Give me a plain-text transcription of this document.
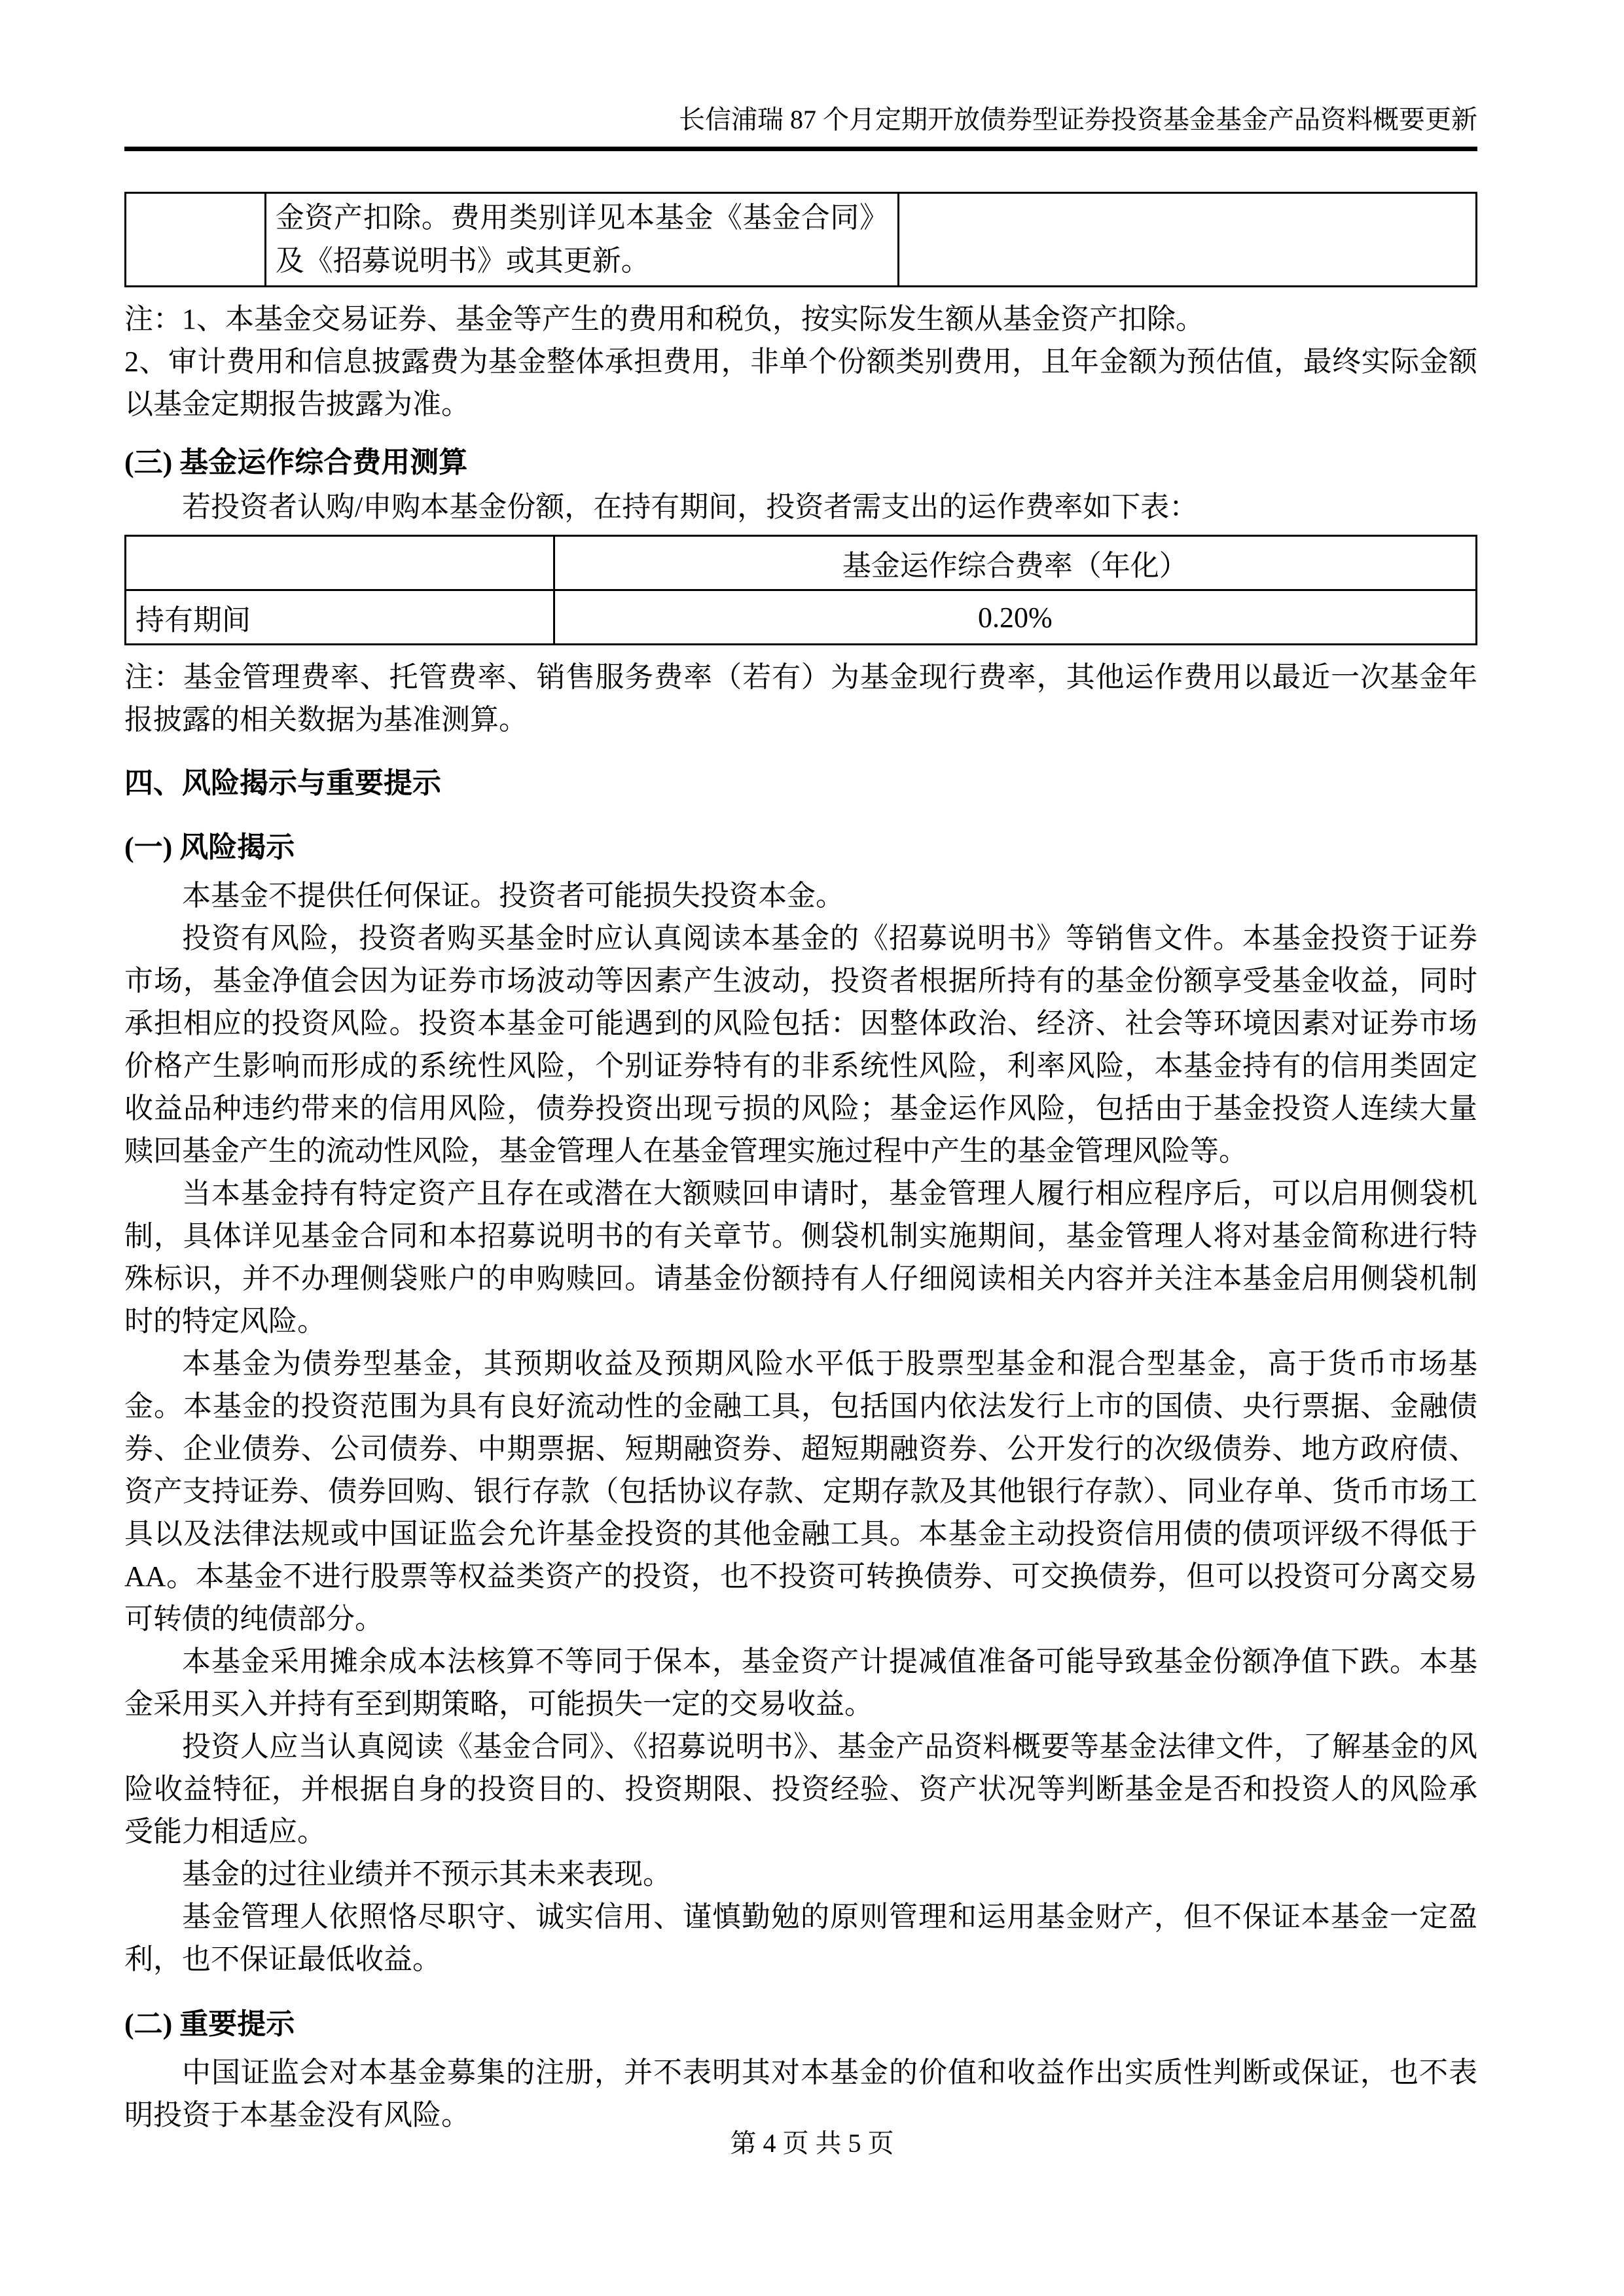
长信浦瑞 87 个月定期开放债券型证券投资基金基金产品资料概要更新
	金资产扣除。费用类别详见本基金《基金合同》及《招募说明书》或其更新。	

注：1、本基金交易证券、基金等产生的费用和税负，按实际发生额从基金资产扣除。

2、审计费用和信息披露费为基金整体承担费用，非单个份额类别费用，且年金额为预估值，最终实际金额以基金定期报告披露为准。

(三) 基金运作综合费用测算

若投资者认购/申购本基金份额，在持有期间，投资者需支出的运作费率如下表：

	基金运作综合费率（年化）
持有期间	0.20%

注：基金管理费率、托管费率、销售服务费率（若有）为基金现行费率，其他运作费用以最近一次基金年报披露的相关数据为基准测算。

四、风险揭示与重要提示

(一) 风险揭示

本基金不提供任何保证。投资者可能损失投资本金。

投资有风险，投资者购买基金时应认真阅读本基金的《招募说明书》等销售文件。本基金投资于证券市场，基金净值会因为证券市场波动等因素产生波动，投资者根据所持有的基金份额享受基金收益，同时承担相应的投资风险。投资本基金可能遇到的风险包括：因整体政治、经济、社会等环境因素对证券市场价格产生影响而形成的系统性风险，个别证券特有的非系统性风险，利率风险，本基金持有的信用类固定收益品种违约带来的信用风险，债券投资出现亏损的风险；基金运作风险，包括由于基金投资人连续大量赎回基金产生的流动性风险，基金管理人在基金管理实施过程中产生的基金管理风险等。

当本基金持有特定资产且存在或潜在大额赎回申请时，基金管理人履行相应程序后，可以启用侧袋机制，具体详见基金合同和本招募说明书的有关章节。侧袋机制实施期间，基金管理人将对基金简称进行特殊标识，并不办理侧袋账户的申购赎回。请基金份额持有人仔细阅读相关内容并关注本基金启用侧袋机制时的特定风险。

本基金为债券型基金，其预期收益及预期风险水平低于股票型基金和混合型基金，高于货币市场基金。本基金的投资范围为具有良好流动性的金融工具，包括国内依法发行上市的国债、央行票据、金融债券、企业债券、公司债券、中期票据、短期融资券、超短期融资券、公开发行的次级债券、地方政府债、资产支持证券、债券回购、银行存款（包括协议存款、定期存款及其他银行存款）、同业存单、货币市场工具以及法律法规或中国证监会允许基金投资的其他金融工具。本基金主动投资信用债的债项评级不得低于 AA。本基金不进行股票等权益类资产的投资，也不投资可转换债券、可交换债券，但可以投资可分离交易可转债的纯债部分。

本基金采用摊余成本法核算不等同于保本，基金资产计提减值准备可能导致基金份额净值下跌。本基金采用买入并持有至到期策略，可能损失一定的交易收益。

投资人应当认真阅读《基金合同》、《招募说明书》、基金产品资料概要等基金法律文件，了解基金的风险收益特征，并根据自身的投资目的、投资期限、投资经验、资产状况等判断基金是否和投资人的风险承受能力相适应。

基金的过往业绩并不预示其未来表现。

基金管理人依照恪尽职守、诚实信用、谨慎勤勉的原则管理和运用基金财产，但不保证本基金一定盈利，也不保证最低收益。

(二) 重要提示

中国证监会对本基金募集的注册，并不表明其对本基金的价值和收益作出实质性判断或保证，也不表明投资于本基金没有风险。

第 4 页 共 5 页
